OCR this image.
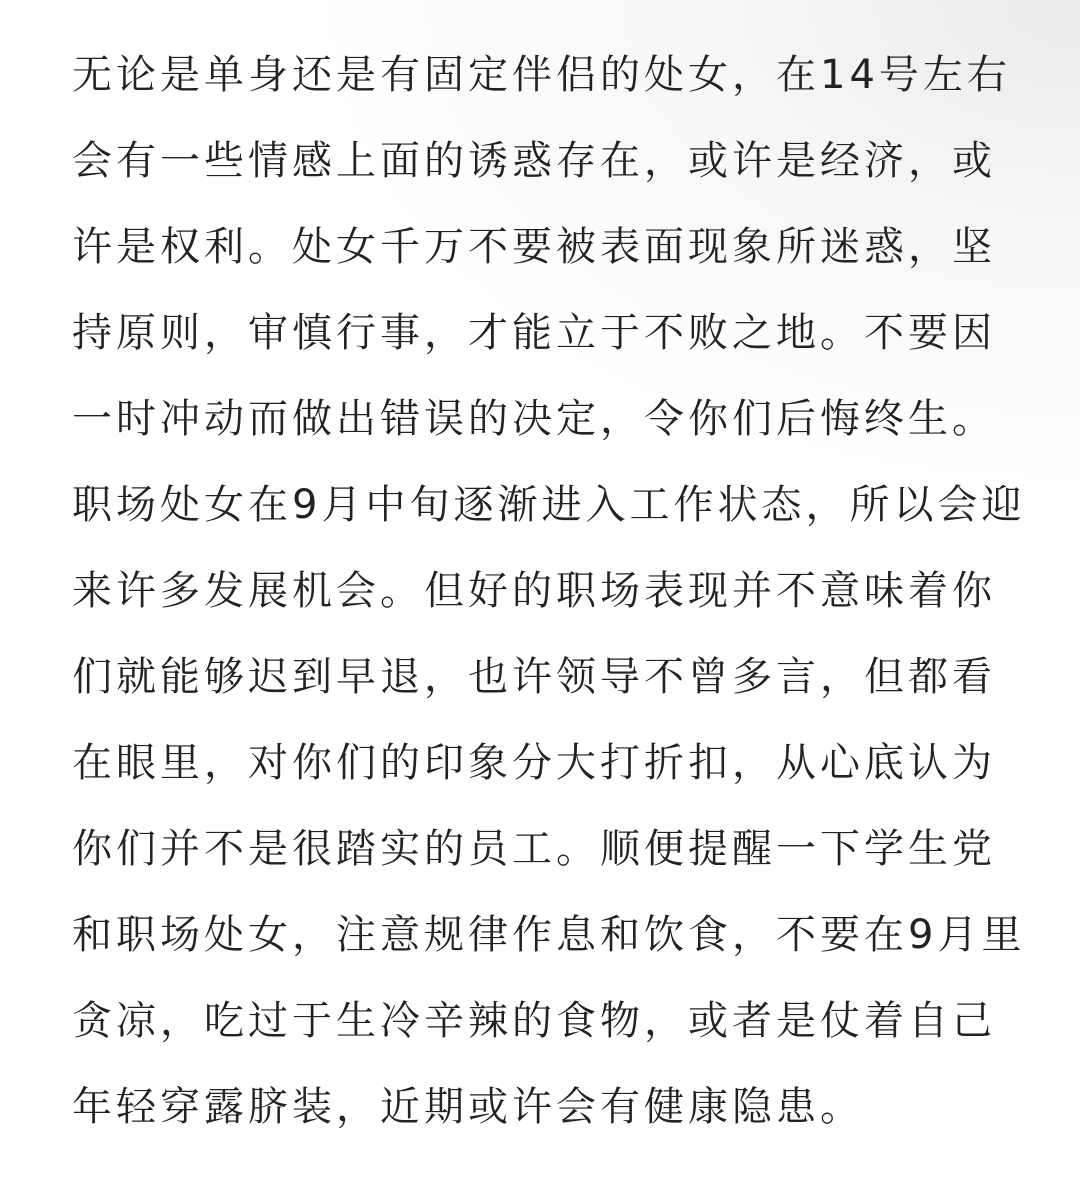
无论是单身还是有固定伴侣的处女，在14号左右
会有一些情感上面的诱惑存在，或许是经济，或
许是权利。处女千万不要被表面现象所迷惑，坚
持原则，审慎行事，才能立于不败之地。不要因
一时冲动而做出错误的决定，令你们后悔终生。
职场处女在9月中旬逐渐进入工作状态，所以会迎
来许多发展机会。但好的职场表现并不意味着你
们就能够迟到早退，也许领导不曾多言，但都看
在眼里，对你们的印象分大打折扣，从心底认为
你们并不是很踏实的员工。顺便提醒一下学生党
和职场处女，注意规律作息和饮食，不要在9月里
贪凉，吃过于生冷辛辣的食物，或者是仗着自己
年轻穿露脐装，近期或许会有健康隐患。
